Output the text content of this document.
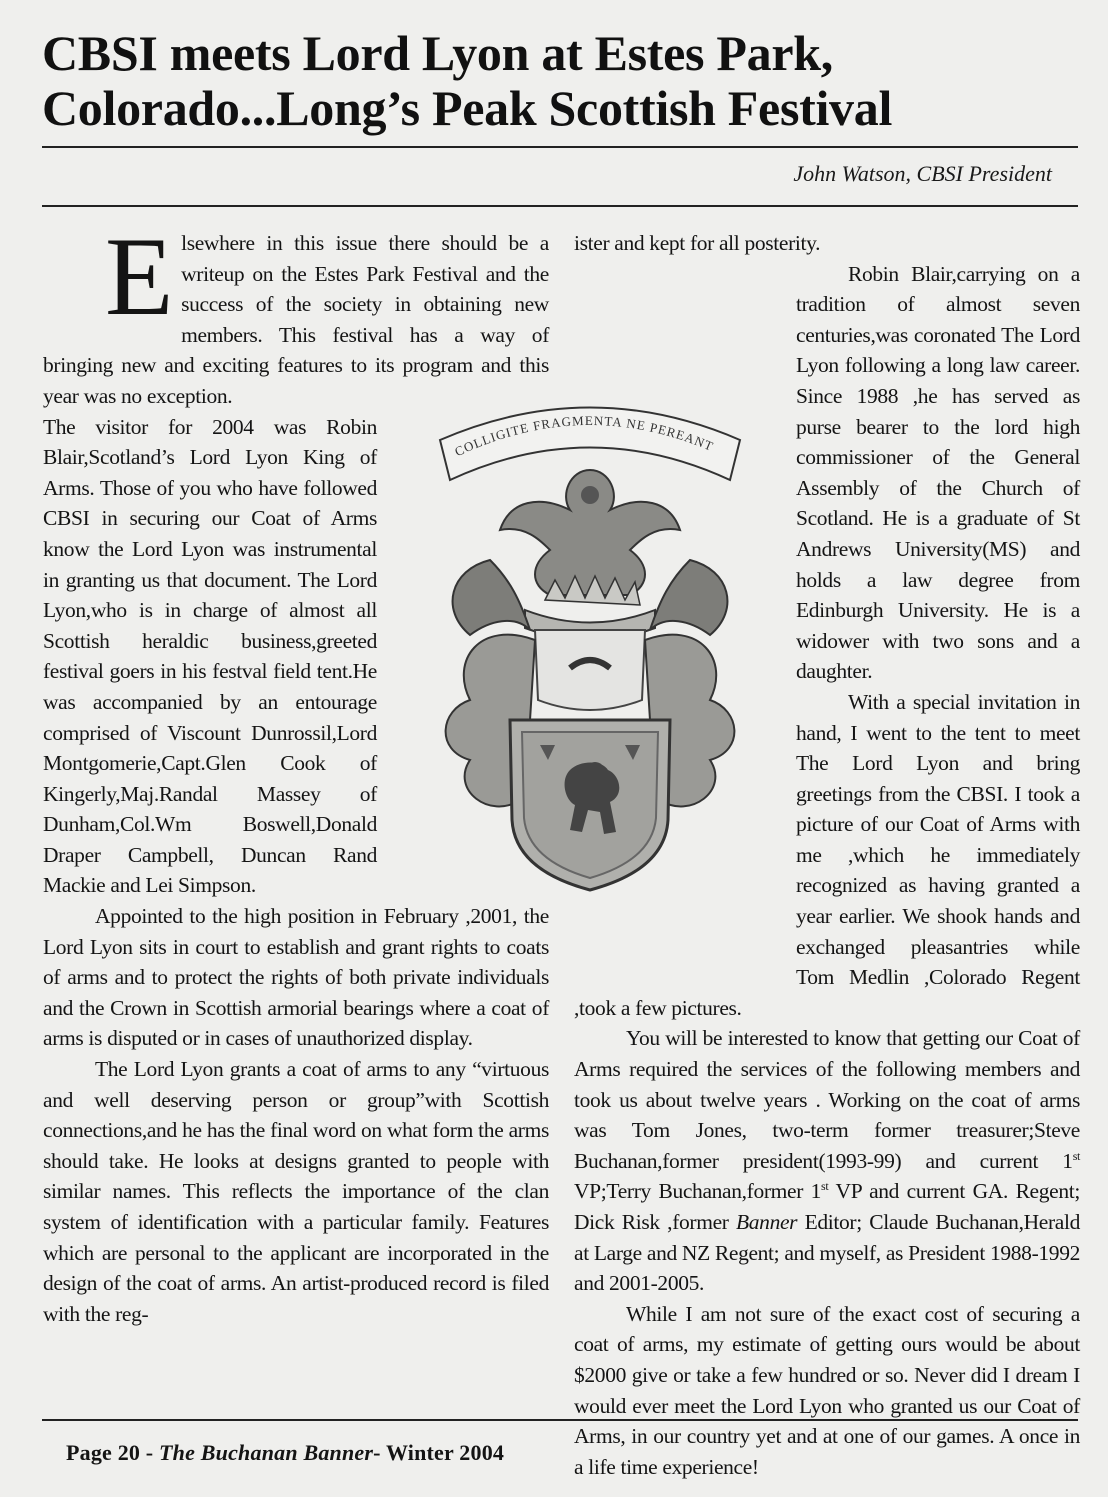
CBSI meets Lord Lyon at Estes Park,
Colorado...Long’s Peak Scottish Festival
John Watson, CBSI President

Elsewhere in this issue there should be a writeup on the Estes Park Festival and the success of the society in obtaining new members. This festival has a way of bringing new and exciting features to its program and this year was no exception.

The visitor for 2004 was Robin Blair,Scotland’s Lord Lyon King of Arms. Those of you who have followed CBSI in securing our Coat of Arms know the Lord Lyon was instrumental in granting us that document. The Lord Lyon,who is in charge of almost all Scottish heraldic business,greeted festival goers in his festval field tent.He was accompanied by an entourage comprised of Viscount Dunrossil,Lord Montgomerie,Capt.Glen Cook of Kingerly,Maj.Randal Massey of Dunham,Col.Wm Boswell,Donald Draper Campbell, Duncan Rand Mackie and Lei Simpson.

Appointed to the high position in February ,2001, the Lord Lyon sits in court to establish and grant rights to coats of arms and to protect the rights of both private individuals and the Crown in Scottish armorial bearings where a coat of arms is disputed or in cases of unauthorized display.

The Lord Lyon grants a coat of arms to any “virtuous and well deserving person or group”with Scottish connections,and he has the final word on what form the arms should take. He looks at designs granted to people with similar names. This reflects the importance of the clan system of identification with a particular family. Features which are personal to the applicant are incorporated in the design of the coat of arms. An artist-produced record is filed with the reg-

ister and kept for all posterity.

Robin Blair,carrying on a tradition of almost seven centuries,was coronated The Lord Lyon following a long law career. Since 1988 ,he has served as purse bearer to the lord high commissioner of the General Assembly of the Church of Scotland. He is a graduate of St Andrews University(MS) and holds a law degree from Edinburgh University. He is a widower with two sons and a daughter.

With a special invitation in hand, I went to the tent to meet The Lord Lyon and bring greetings from the CBSI. I took a picture of our Coat of Arms with me ,which he immediately recognized as having granted a year earlier. We shook hands and exchanged pleasantries while Tom Medlin ,Colorado Regent ,took a few pictures.

You will be interested to know that getting our Coat of Arms required the services of the following members and took us about twelve years . Working on the coat of arms was Tom Jones, two-term former treasurer;Steve Buchanan,former president(1993-99) and current 1st VP;Terry Buchanan,former 1st VP and current GA. Regent; Dick Risk ,former Banner Editor; Claude Buchanan,Herald at Large and NZ Regent; and myself, as President 1988-1992 and 2001-2005.

While I am not sure of the exact cost of securing a coat of arms, my estimate of getting ours would be about $2000 give or take a few hundred or so. Never did I dream I would ever meet the Lord Lyon who granted us our Coat of Arms, in our country yet and at one of our games. A once in a life time experience!

COLLIGITE FRAGMENTA NE PEREANT
Page 20 - The Buchanan Banner- Winter 2004
